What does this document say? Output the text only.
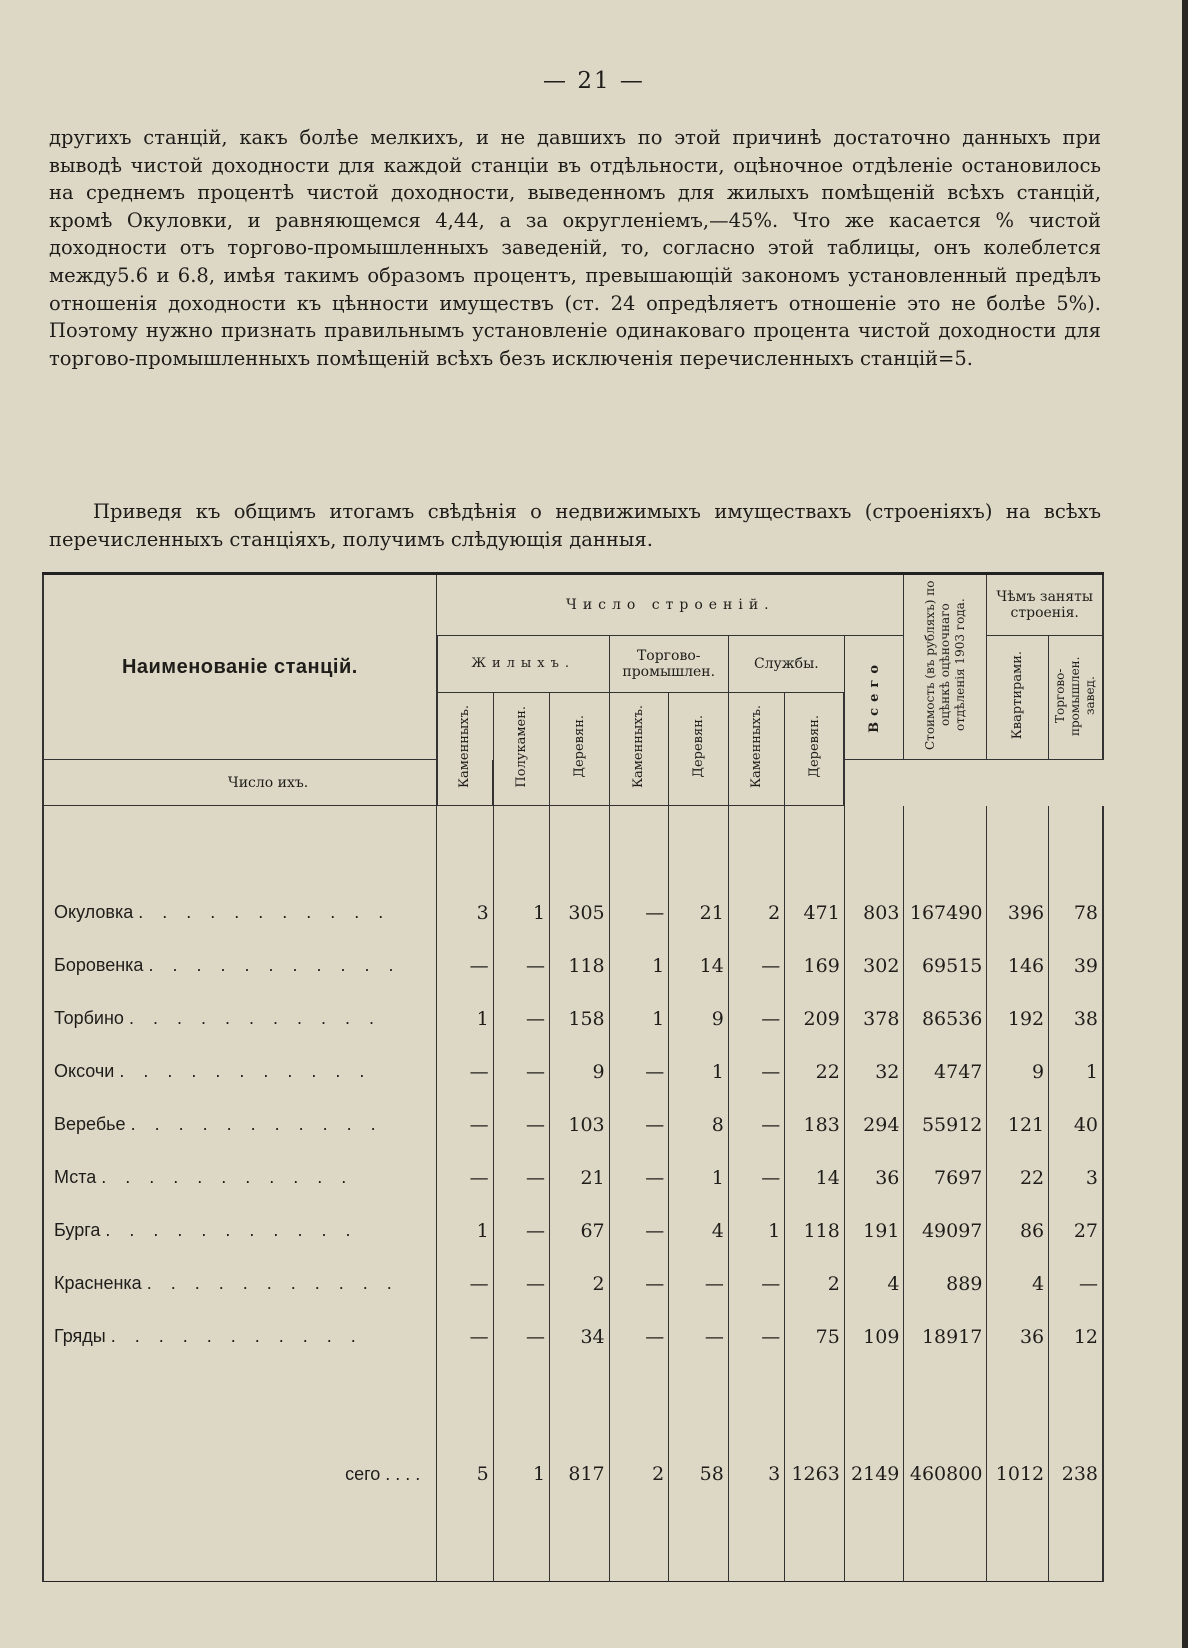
— 21 —

другихъ станцій, какъ болѣе мелкихъ, и не давшихъ по этой причинѣ достаточно данныхъ при выводѣ чистой доходности для каждой станціи въ отдѣльности, оцѣночное отдѣленіе остановилось на среднемъ процентѣ чистой доходности, выведенномъ для жилыхъ помѣщеній всѣхъ станцій, кромѣ Окуловки, и равняющемся 4,44, а за округленіемъ,—45%. Что же касается % чистой доходности отъ торгово-промышленныхъ заведеній, то, согласно этой таблицы, онъ колеблется между5.6 и 6.8, имѣя такимъ образомъ процентъ, превышающій закономъ установленный предѣлъ отношенія доходности къ цѣнности имуществъ (ст. 24 опредѣляетъ отношеніе это не болѣе 5%). Поэтому нужно признать правильнымъ установленіе одинаковаго процента чистой доходности для торгово-промышленныхъ помѣщеній всѣхъ безъ исключенія перечисленныхъ станцій=5.

Приведя къ общимъ итогамъ свѣдѣнія о недвижимыхъ имуществахъ (строеніяхъ) на всѣхъ перечисленныхъ станціяхъ, получимъ слѣдующія данныя.

Наименованіе станцій.	Число строеній.								Стоимость (въ рубляхъ) по оцѣнкѣ оцѣночнаго отдѣленія 1903 года.	Чѣмъ заняты строенія.	
	Жилыхъ.			Торгово-промышлен.		Службы.		Всего		Квартирами.	Торгово-промышлен. завед.
	Каменныхъ.	Полукамен.	Деревян.	Каменныхъ.	Деревян.	Каменныхъ.	Деревян.				
Число ихъ.											

Окуловка . . . . . . . . . . .	3	1	305	—	21	2	471	803	167490	396	78
Боровенка . . . . . . . . . . .	—	—	118	1	14	—	169	302	69515	146	39
Торбино . . . . . . . . . . .	1	—	158	1	9	—	209	378	86536	192	38
Оксочи . . . . . . . . . . .	—	—	9	—	1	—	22	32	4747	9	1
Веребье . . . . . . . . . . .	—	—	103	—	8	—	183	294	55912	121	40
Мста . . . . . . . . . . .	—	—	21	—	1	—	14	36	7697	22	3
Бурга . . . . . . . . . . .	1	—	67	—	4	1	118	191	49097	86	27
Красненка . . . . . . . . . . .	—	—	2	—	—	—	2	4	889	4	—
Гряды . . . . . . . . . . .	—	—	34	—	—	—	75	109	18917	36	12

сего . . . .	5	1	817	2	58	3	1263	2149	460800	1012	238
